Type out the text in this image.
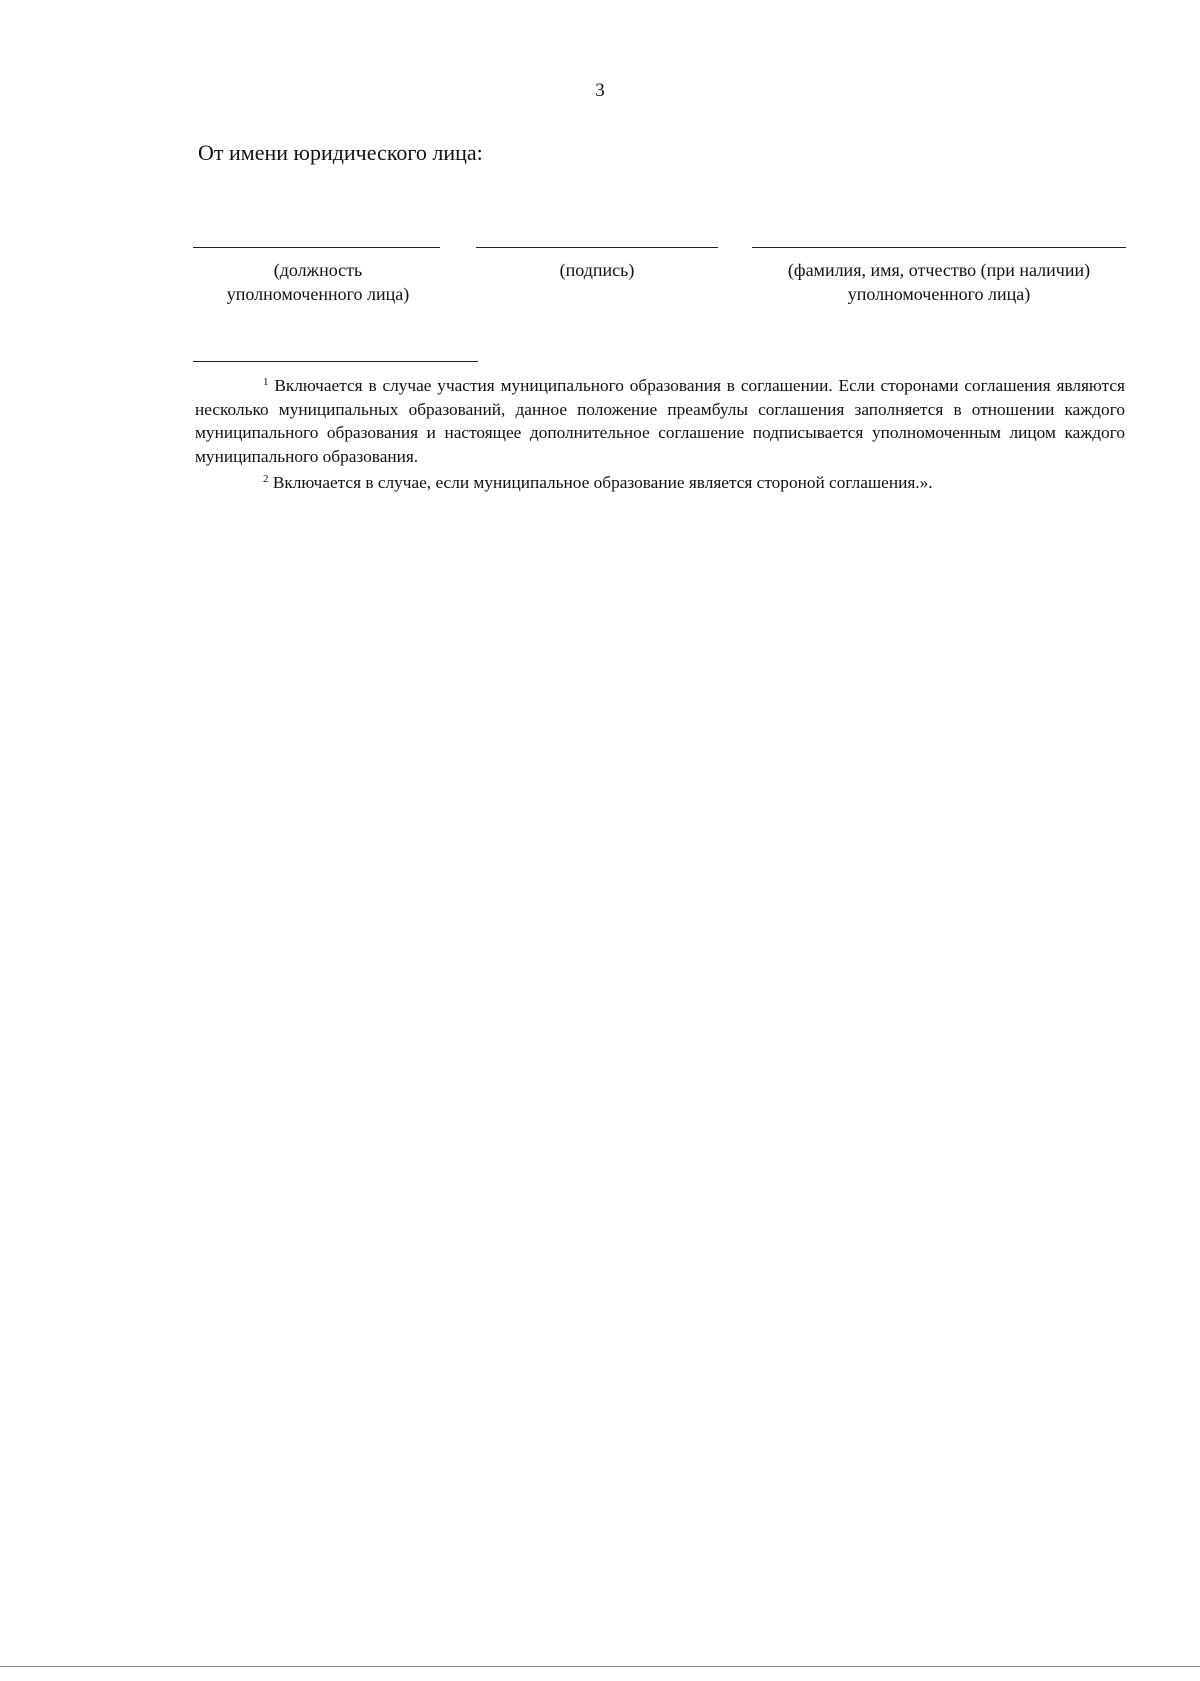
3
От имени юридического лица:
(должность
уполномоченного лица)
(подпись)	(фамилия, имя, отчество (при наличии)
уполномоченного лица)

$^1$ Включается в случае участия муниципального образования в соглашении. Если сторонами соглашения являются несколько муниципальных образований, данное положение преамбулы соглашения заполняется в отношении каждого муниципального образования и настоящее дополнительное соглашение подписывается уполномоченным лицом каждого муниципального образования.

$^2$ Включается в случае, если муниципальное образование является стороной соглашения.».
